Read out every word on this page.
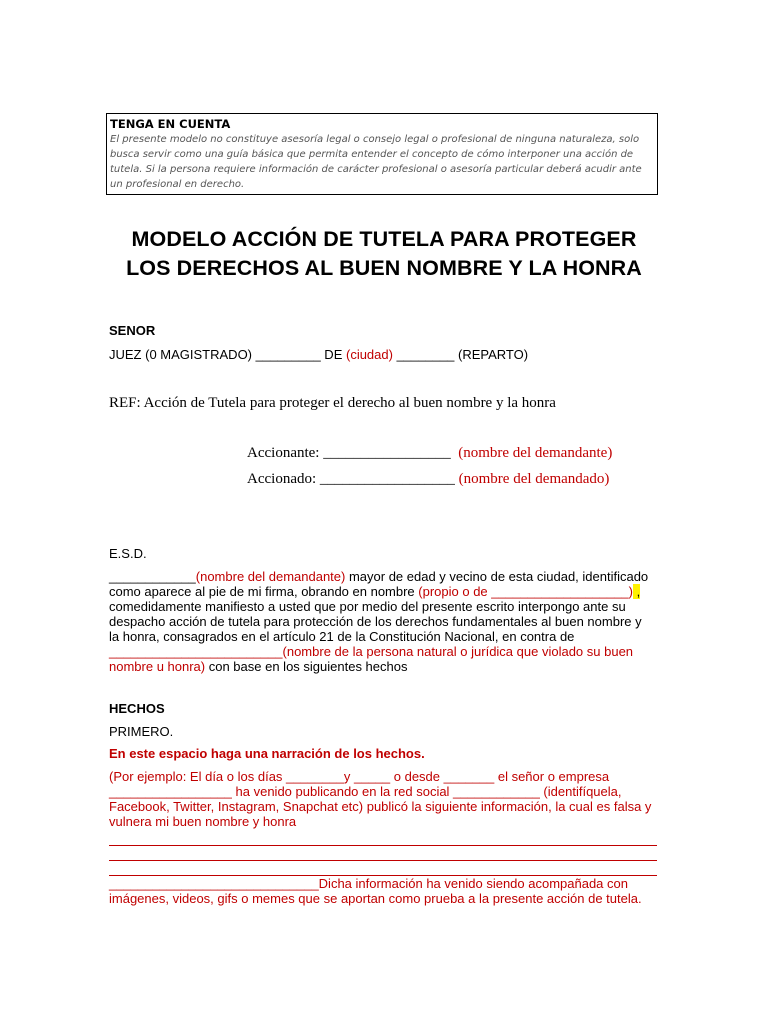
TENGA EN CUENTA
El presente modelo no constituye asesoría legal o consejo legal o profesional de ninguna naturaleza, solo busca servir como una guía básica que permita entender el concepto de cómo interponer una acción de tutela. Si la persona requiere información de carácter profesional o asesoría particular deberá acudir ante un profesional en derecho.
MODELO ACCIÓN DE TUTELA PARA PROTEGER LOS DERECHOS AL BUEN NOMBRE Y LA HONRA
SENOR
JUEZ (0 MAGISTRADO) _________ DE (ciudad) ________ (REPARTO)
REF: Acción de Tutela para proteger el derecho al buen nombre y la honra
Accionante: _________________ (nombre del demandante)
Accionado: __________________ (nombre del demandado)
E.S.D.
____________(nombre del demandante) mayor de edad y vecino de esta ciudad, identificado como aparece al pie de mi firma, obrando en nombre (propio o de ___________________) , comedidamente manifiesto a usted que por medio del presente escrito interpongo ante su despacho acción de tutela para protección de los derechos fundamentales al buen nombre y la honra, consagrados en el artículo 21 de la Constitución Nacional, en contra de ________________________(nombre de la persona natural o jurídica que violado su buen nombre u honra) con base en los siguientes hechos
HECHOS
PRIMERO.
En este espacio haga una narración de los hechos.
(Por ejemplo: El día o los días ________y _____ o desde _______ el señor o empresa _________________ ha venido publicando en la red social ____________ (identifíquela, Facebook, Twitter, Instagram, Snapchat etc) publicó la siguiente información, la cual es falsa y vulnera mi buen nombre y honra
_____________________________Dicha información ha venido siendo acompañada con imágenes, videos, gifs o memes que se aportan como prueba a la presente acción de tutela.
